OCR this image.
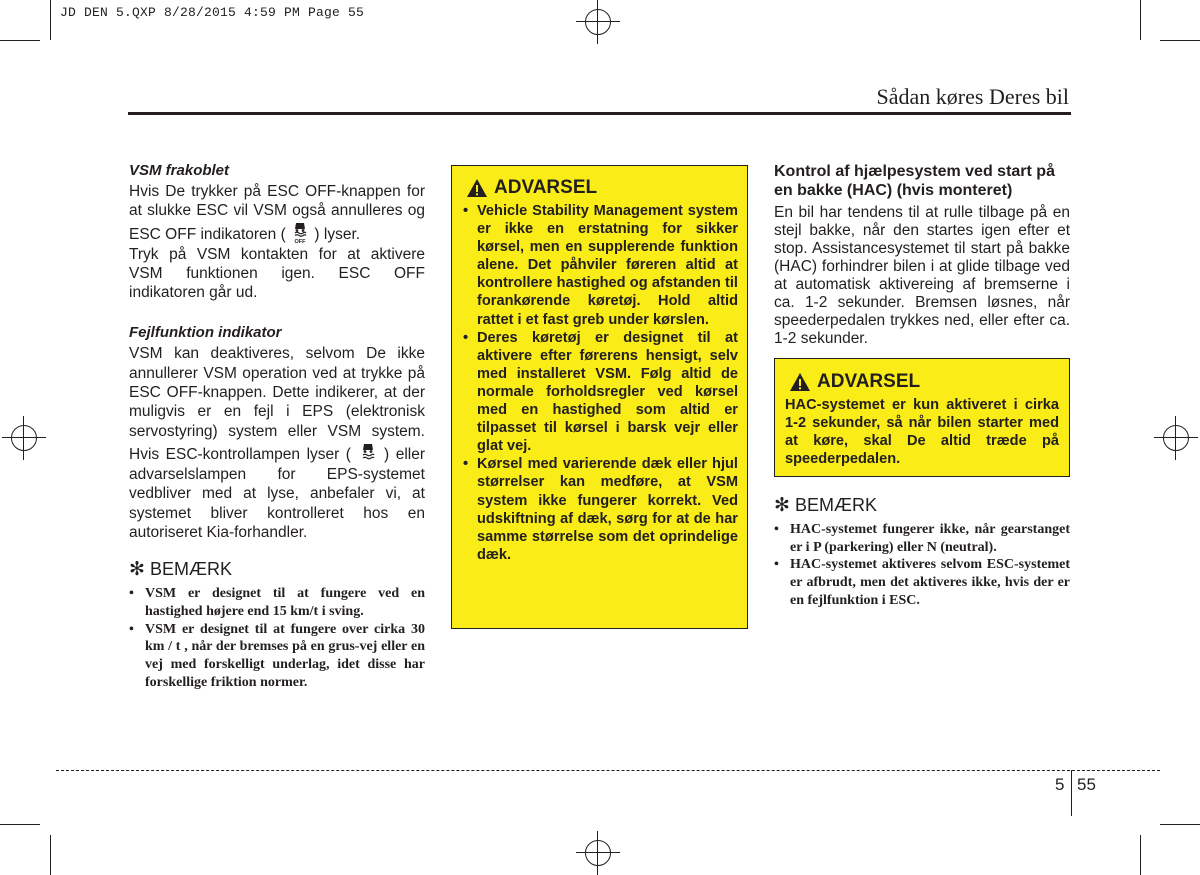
JD DEN 5.QXP 8/28/2015 4:59 PM Page 55
Sådan køres Deres bil

VSM frakoblet

Hvis De trykker på ESC OFF-knappen for at slukke ESC vil VSM også annulleres og ESC OFF indikatoren ( OFF ) lyser.

Tryk på VSM kontakten for at aktivere VSM funktionen igen. ESC OFF indikatoren går ud.

Fejlfunktion indikator

VSM kan deaktiveres, selvom De ikke annullerer VSM operation ved at trykke på ESC OFF-knappen. Dette indikerer, at der muligvis er en fejl i EPS (elektronisk servostyring) system eller VSM system. Hvis ESC-kontrollampen lyser ( ) eller advarselslampen for EPS-systemet vedbliver med at lyse, anbefaler vi, at systemet bliver kontrolleret hos en autoriseret Kia-forhandler.

✻ BEMÆRK
• VSM er designet til at fungere ved en hastighed højere end 15 km/t i sving.
• VSM er designet til at fungere over cirka 30 km / t , når der bremses på en grus-vej eller en vej med forskelligt underlag, idet disse har forskellige friktion normer.
ADVARSEL
• Vehicle Stability Management system er ikke en erstatning for sikker kørsel, men en supplerende funktion alene. Det påhviler føreren altid at kontrollere hastighed og afstanden til forankørende køretøj. Hold altid rattet i et fast greb under kørslen.
• Deres køretøj er designet til at aktivere efter førerens hensigt, selv med installeret VSM. Følg altid de normale forholdsregler ved kørsel med en hastighed som altid er tilpasset til kørsel i barsk vejr eller glat vej.
• Kørsel med varierende dæk eller hjul størrelser kan medføre, at VSM system ikke fungerer korrekt. Ved udskiftning af dæk, sørg for at de har samme størrelse som det oprindelige dæk.

Kontrol af hjælpesystem ved start på en bakke (HAC) (hvis monteret)

En bil har tendens til at rulle tilbage på en stejl bakke, når den startes igen efter et stop. Assistancesystemet til start på bakke (HAC) forhindrer bilen i at glide tilbage ved at automatisk aktivereing af bremserne i ca. 1-2 sekunder. Bremsen løsnes, når speederpedalen trykkes ned, eller efter ca. 1-2 sekunder.

ADVARSEL

HAC-systemet er kun aktiveret i cirka 1-2 sekunder, så når bilen starter med at køre, skal De altid træde på speederpedalen.

✻ BEMÆRK
• HAC-systemet fungerer ikke, når gearstanget er i P (parkering) eller N (neutral).
• HAC-systemet aktiveres selvom ESC-systemet er afbrudt, men det aktiveres ikke, hvis der er en fejlfunktion i ESC.
5 55
